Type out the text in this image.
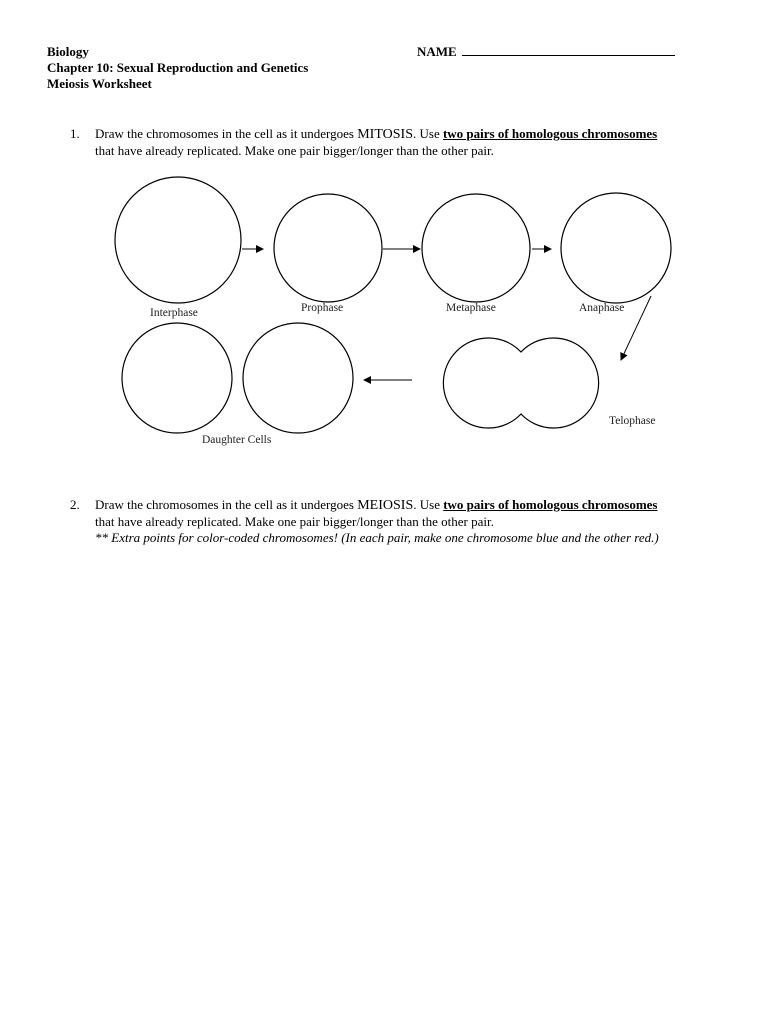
Biology
Chapter 10: Sexual Reproduction and Genetics
Meiosis Worksheet
NAME
1. Draw the chromosomes in the cell as it undergoes MITOSIS. Use two pairs of homologous chromosomes
that have already replicated. Make one pair bigger/longer than the other pair.
Interphase	Prophase	Metaphase	Anaphase
Telophase
Daughter Cells
2. Draw the chromosomes in the cell as it undergoes MEIOSIS. Use two pairs of homologous chromosomes
that have already replicated. Make one pair bigger/longer than the other pair.
** Extra points for color-coded chromosomes! (In each pair, make one chromosome blue and the other red.)
